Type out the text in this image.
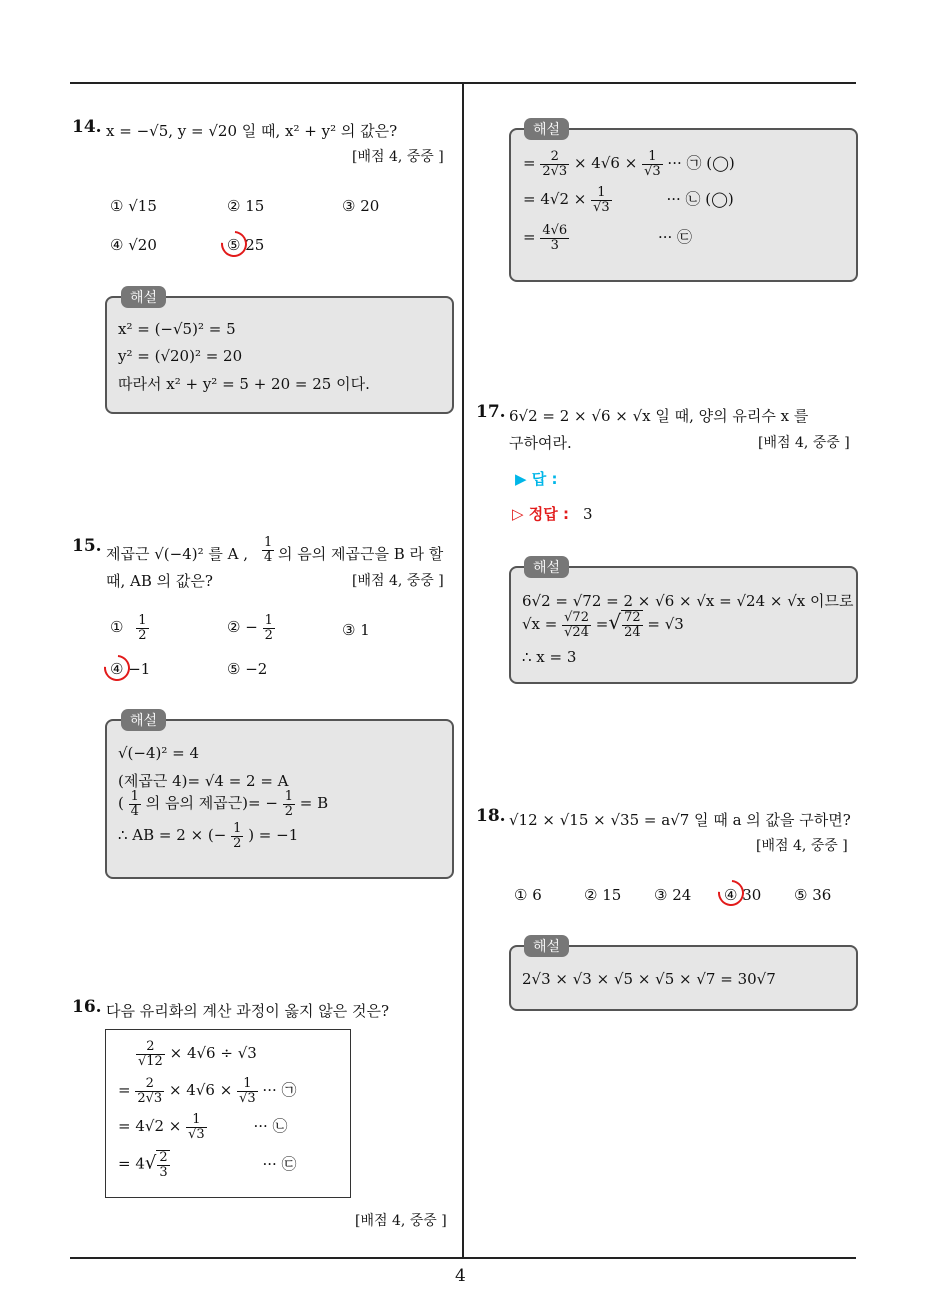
4
14. x = −√5, y = √20 일 때, x² + y² 의 값은?
[배점 4, 중중 ]
① √15	② 15	③ 20
④ √20	⑤ 25
해설
x² = (−√5)² = 5
y² = (√20)² = 20
따라서 x² + y² = 5 + 20 = 25 이다.
15. 제곱근 √(−4)² 를 A , $\frac{1}{4}$ 의 음의 제곱근을 B 라 할
때, AB 의 값은?	[배점 4, 중중 ]
① $\frac{1}{2}$	② − $\frac{1}{2}$	③ 1
④ −1	⑤ −2
해설
√(−4)² = 4
(제곱근 4)= √4 = 2 = A
( $\frac{1}{4}$ 의 음의 제곱근)= − $\frac{1}{2} = B$
∴ AB = 2 × (− $\frac{1}{2}$ ) = −1
16. 다음 유리화의 계산 과정이 옳지 않은 것은?
$\frac{2}{√12} \times 4√6 \div √3$
= $\frac{2}{2√3} \times 4√6 \times \frac{1}{√3}$ ··· ㉠
= $4√2 \times \frac{1}{√3}$	··· ㉡
= $4√ \frac{2}{3}$	··· ㉢
[배점 4, 중중 ]
해설
= $\frac{2}{2√3} \times 4√6 \times \frac{1}{√3}$ ··· ㉠ (◯)
= $4√2 \times \frac{1}{√3}$	··· ㉡ (◯)
= $\frac{4√6}{3}$	··· ㉢
17. 6√2 = 2 × √6 × √x 일 때, 양의 유리수 x 를
구하여라.	[배점 4, 중중 ]
▶ 답 :
▷ 정답 : 3
해설
6√2 = √72 = 2 × √6 × √x = √24 × √x 이므로
$√x = \frac{√72}{√24}$ =√ $\frac{72}{24} = √3$
∴ x = 3
18. √12 × √15 × √35 = a√7 일 때 a 의 값을 구하면?
[배점 4, 중중 ]
① 6	② 15 ③ 24 ④ 30 ⑤ 36
해설
2√3 × √3 × √5 × √5 × √7 = 30√7
